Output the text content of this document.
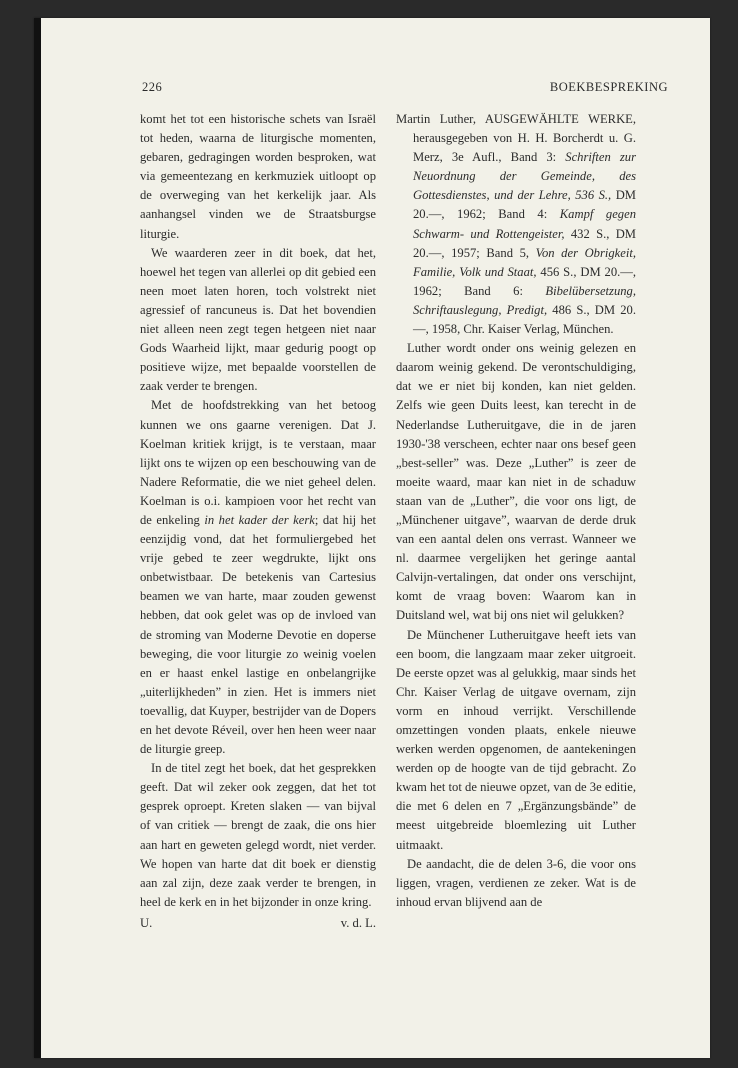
226	BOEKBESPREKING

komt het tot een historische schets van Israël tot heden, waarna de liturgische momenten, gebaren, gedragingen worden besproken, wat via gemeentezang en kerkmuziek uitloopt op de overweging van het kerkelijk jaar. Als aanhangsel vinden we de Straatsburgse liturgie.

We waarderen zeer in dit boek, dat het, hoewel het tegen van allerlei op dit gebied een neen moet laten horen, toch volstrekt niet agressief of rancuneus is. Dat het bovendien niet alleen neen zegt tegen hetgeen niet naar Gods Waarheid lijkt, maar gedurig poogt op positieve wijze, met bepaalde voorstellen de zaak verder te brengen.

Met de hoofdstrekking van het betoog kunnen we ons gaarne verenigen. Dat J. Koelman kritiek krijgt, is te verstaan, maar lijkt ons te wijzen op een beschouwing van de Nadere Reformatie, die we niet geheel delen. Koelman is o.i. kampioen voor het recht van de enkeling in het kader der kerk; dat hij het eenzijdig vond, dat het formuliergebed het vrije gebed te zeer wegdrukte, lijkt ons onbetwistbaar. De betekenis van Cartesius beamen we van harte, maar zouden gewenst hebben, dat ook gelet was op de invloed van de stroming van Moderne Devotie en doperse beweging, die voor liturgie zo weinig voelen en er haast enkel lastige en onbelangrijke „uiterlijkheden” in zien. Het is immers niet toevallig, dat Kuyper, bestrijder van de Dopers en het devote Réveil, over hen heen weer naar de liturgie greep.

In de titel zegt het boek, dat het gesprekken geeft. Dat wil zeker ook zeggen, dat het tot gesprek oproept. Kreten slaken — van bijval of van critiek — brengt de zaak, die ons hier aan hart en geweten gelegd wordt, niet verder. We hopen van harte dat dit boek er dienstig aan zal zijn, deze zaak verder te brengen, in heel de kerk en in het bijzonder in onze kring.

U.	v. d. L.
Martin Luther, AUSGEWÄHLTE WERKE, herausgegeben von H. H. Borcherdt u. G. Merz, 3e Aufl., Band 3: Schriften zur Neuordnung der Gemeinde, des Gottesdienstes, und der Lehre, 536 S., DM 20.—, 1962; Band 4: Kampf gegen Schwarm- und Rottengeister, 432 S., DM 20.—, 1957; Band 5, Von der Obrigkeit, Familie, Volk und Staat, 456 S., DM 20.—, 1962; Band 6: Bibelübersetzung, Schriftauslegung, Predigt, 486 S., DM 20.—, 1958, Chr. Kaiser Verlag, München.

Luther wordt onder ons weinig gelezen en daarom weinig gekend. De verontschuldiging, dat we er niet bij konden, kan niet gelden. Zelfs wie geen Duits leest, kan terecht in de Nederlandse Lutheruitgave, die in de jaren 1930-'38 verscheen, echter naar ons besef geen „best-seller” was. Deze „Luther” is zeer de moeite waard, maar kan niet in de schaduw staan van de „Luther”, die voor ons ligt, de „Münchener uitgave”, waarvan de derde druk van een aantal delen ons verrast. Wanneer we nl. daarmee vergelijken het geringe aantal Calvijn-vertalingen, dat onder ons verschijnt, komt de vraag boven: Waarom kan in Duitsland wel, wat bij ons niet wil gelukken?

De Münchener Lutheruitgave heeft iets van een boom, die langzaam maar zeker uitgroeit. De eerste opzet was al gelukkig, maar sinds het Chr. Kaiser Verlag de uitgave overnam, zijn vorm en inhoud verrijkt. Verschillende omzettingen vonden plaats, enkele nieuwe werken werden opgenomen, de aantekeningen werden op de hoogte van de tijd gebracht. Zo kwam het tot de nieuwe opzet, van de 3e editie, die met 6 delen en 7 „Ergänzungsbände” de meest uitgebreide bloemlezing uit Luther uitmaakt.

De aandacht, die de delen 3-6, die voor ons liggen, vragen, verdienen ze zeker. Wat is de inhoud ervan blijvend aan de
